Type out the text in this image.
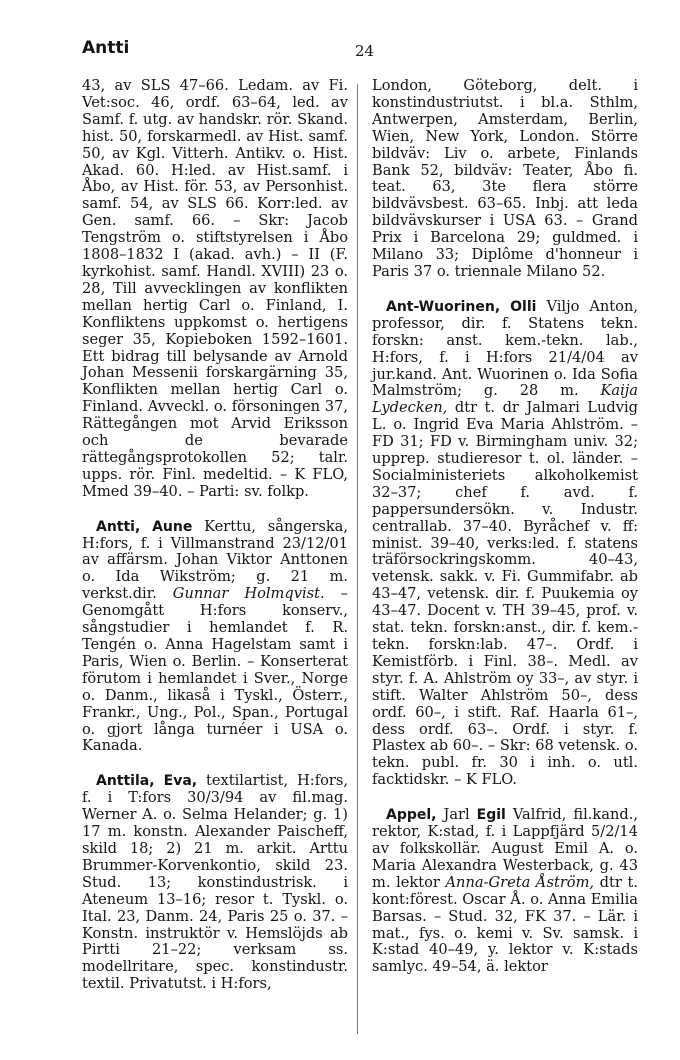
Antti	24

43, av SLS 47–66. Ledam. av Fi. Vet:soc. 46, ordf. 63–64, led. av Samf. f. utg. av handskr. rör. Skand. hist. 50, forskarmedl. av Hist. samf. 50, av Kgl. Vitterh. Antikv. o. Hist. Akad. 60. H:led. av Hist.samf. i Åbo, av Hist. för. 53, av Personhist. samf. 54, av SLS 66. Korr:led. av Gen. samf. 66. – Skr: Jacob Tengström o. stiftstyrelsen i Åbo 1808–1832 I (akad. avh.) – II (F. kyrkohist. samf. Handl. XVIII) 23 o. 28, Till avvecklingen av konflikten mellan hertig Carl o. Finland, I. Konfliktens uppkomst o. hertigens seger 35, Kopieboken 1592–1601. Ett bidrag till belysande av Arnold Johan Messenii forskargärning 35, Konflikten mellan hertig Carl o. Finland. Avveckl. o. försoningen 37, Rättegången mot Arvid Eriksson och de bevarade rättegångsprotokollen 52; talr. upps. rör. Finl. medeltid. – K FLO, Mmed 39–40. – Parti: sv. folkp.

Antti, Aune Kerttu, sångerska, H:fors, f. i Villmanstrand 23/12/01 av affärsm. Johan Viktor Anttonen o. Ida Wikström; g. 21 m. verkst.dir. Gunnar Holmqvist. – Genomgått H:fors konserv., sångstudier i hemlandet f. R. Tengén o. Anna Hagelstam samt i Paris, Wien o. Berlin. – Konserterat förutom i hemlandet i Sver., Norge o. Danm., likaså i Tyskl., Österr., Frankr., Ung., Pol., Span., Portugal o. gjort långa turnéer i USA o. Kanada.

Anttila, Eva, textilartist, H:fors, f. i T:fors 30/3/94 av fil.mag. Werner A. o. Selma Helander; g. 1) 17 m. konstn. Alexander Paischeff, skild 18; 2) 21 m. arkit. Arttu Brummer-Korvenkontio, skild 23. Stud. 13; konstindustrisk. i Ateneum 13–16; resor t. Tyskl. o. Ital. 23, Danm. 24, Paris 25 o. 37. – Konstn. instruktör v. Hemslöjds ab Pirtti 21–22; verksam ss. modellritare, spec. konstindustr. textil. Privatutst. i H:fors,

London, Göteborg, delt. i konstindustriutst. i bl.a. Sthlm, Antwerpen, Amsterdam, Berlin, Wien, New York, London. Större bildväv: Liv o. arbete, Finlands Bank 52, bildväv: Teater, Åbo fi. teat. 63, 3te flera större bildvävsbest. 63–65. Inbj. att leda bildvävskurser i USA 63. – Grand Prix i Barcelona 29; guldmed. i Milano 33; Diplôme d'honneur i Paris 37 o. triennale Milano 52.

Ant-Wuorinen, Olli Viljo Anton, professor, dir. f. Statens tekn. forskn: anst. kem.-tekn. lab., H:fors, f. i H:fors 21/4/04 av jur.kand. Ant. Wuorinen o. Ida Sofia Malmström; g. 28 m. Kaija Lydecken, dtr t. dr Jalmari Ludvig L. o. Ingrid Eva Maria Ahlström. – FD 31; FD v. Birmingham univ. 32; upprep. studieresor t. ol. länder. – Socialministeriets alkoholkemist 32–37; chef f. avd. f. pappersundersökn. v. Industr. centrallab. 37–40. Byråchef v. ff: minist. 39–40, verks:led. f. statens träförsockringskomm. 40–43, vetensk. sakk. v. Fi. Gummifabr. ab 43–47, vetensk. dir. f. Puukemia oy 43–47. Docent v. TH 39–45, prof. v. stat. tekn. forskn:anst., dir. f. kem.-tekn. forskn:lab. 47–. Ordf. i Kemistförb. i Finl. 38–. Medl. av styr. f. A. Ahlström oy 33–, av styr. i stift. Walter Ahlström 50–, dess ordf. 60–, i stift. Raf. Haarla 61–, dess ordf. 63–. Ordf. i styr. f. Plastex ab 60–. – Skr: 68 vetensk. o. tekn. publ. fr. 30 i inh. o. utl. facktidskr. – K FLO.

Appel, Jarl Egil Valfrid, fil.kand., rektor, K:stad, f. i Lappfjärd 5/2/14 av folkskollär. August Emil A. o. Maria Alexandra Westerback, g. 43 m. lektor Anna-Greta Åström, dtr t. kont:förest. Oscar Å. o. Anna Emilia Barsas. – Stud. 32, FK 37. – Lär. i mat., fys. o. kemi v. Sv. samsk. i K:stad 40–49, y. lektor v. K:stads samlyc. 49–54, ä. lektor
